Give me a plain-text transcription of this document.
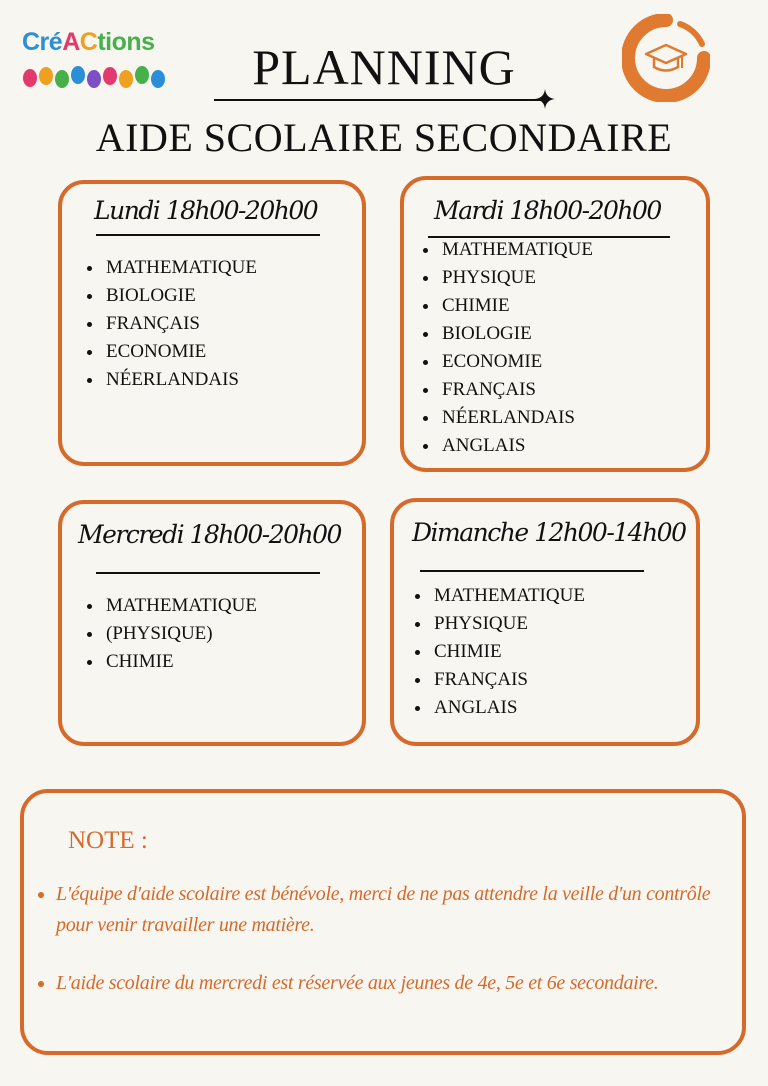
CréACtions	PLANNING
AIDE SCOLAIRE SECONDAIRE
Lundi 18h00-20h00
• MATHEMATIQUE
• BIOLOGIE
• FRANÇAIS
• ECONOMIE
• NÉERLANDAIS
Mardi 18h00-20h00
• MATHEMATIQUE
• PHYSIQUE
• CHIMIE
• BIOLOGIE
• ECONOMIE
• FRANÇAIS
• NÉERLANDAIS
• ANGLAIS
Mercredi 18h00-20h00
• MATHEMATIQUE
• (PHYSIQUE)
• CHIMIE
Dimanche 12h00-14h00
• MATHEMATIQUE
• PHYSIQUE
• CHIMIE
• FRANÇAIS
• ANGLAIS
NOTE :
• L'équipe d'aide scolaire est bénévole, merci de ne pas attendre la veille d'un contrôle pour venir travailler une matière.
• L'aide scolaire du mercredi est réservée aux jeunes de 4e, 5e et 6e secondaire.
